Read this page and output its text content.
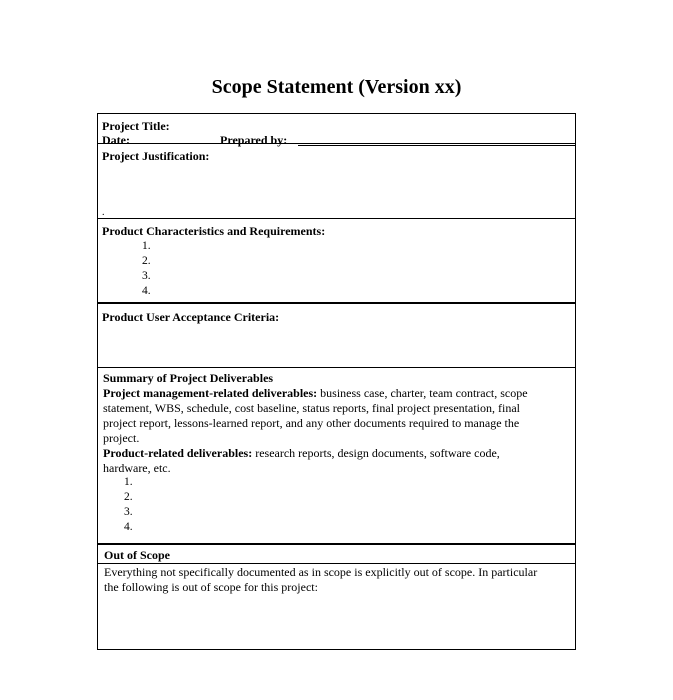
Scope Statement (Version xx)
Project Title:
Date:	Prepared by:
Project Justification:
.
Product Characteristics and Requirements:
1.
2.
3.
4.
Product User Acceptance Criteria:
Summary of Project Deliverables
Project management-related deliverables: business case, charter, team contract, scope statement, WBS, schedule, cost baseline, status reports, final project presentation, final project report, lessons-learned report, and any other documents required to manage the project.
Product-related deliverables: research reports, design documents, software code, hardware, etc.
1.
2.
3.
4.
Out of Scope
Everything not specifically documented as in scope is explicitly out of scope. In particular the following is out of scope for this project:
